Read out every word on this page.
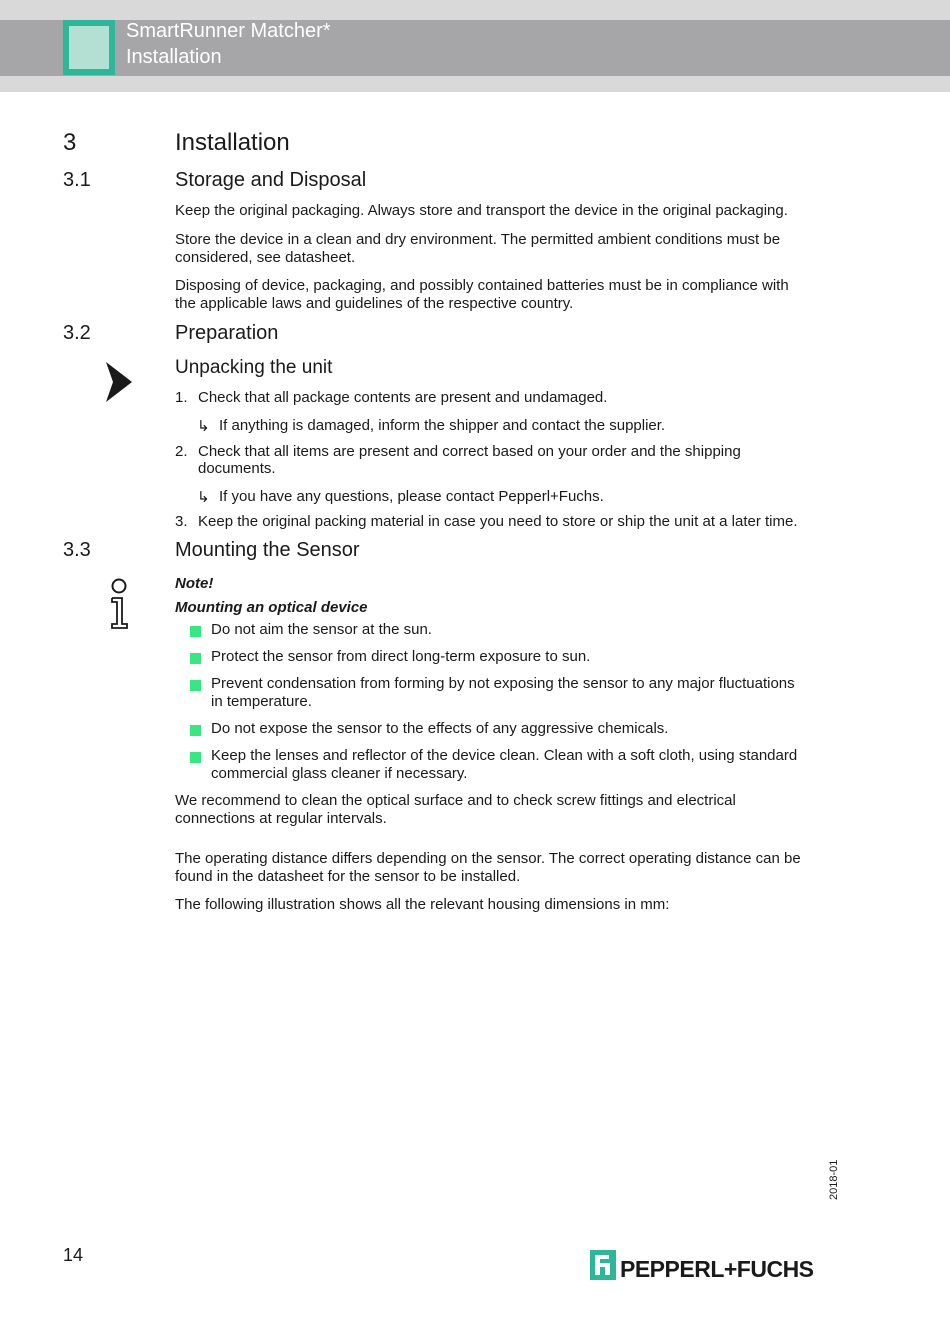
SmartRunner Matcher*
Installation
3	Installation
3.1	Storage and Disposal
Keep the original packaging. Always store and transport the device in the original packaging.
Store the device in a clean and dry environment. The permitted ambient conditions must be
considered, see datasheet.
Disposing of device, packaging, and possibly contained batteries must be in compliance with
the applicable laws and guidelines of the respective country.
3.2	Preparation
Unpacking the unit
1. Check that all package contents are present and undamaged.
↳ If anything is damaged, inform the shipper and contact the supplier.
2. Check that all items are present and correct based on your order and the shipping
documents.
↳ If you have any questions, please contact Pepperl+Fuchs.
3. Keep the original packing material in case you need to store or ship the unit at a later time.
3.3	Mounting the Sensor
Note!
Mounting an optical device
Do not aim the sensor at the sun.
Protect the sensor from direct long-term exposure to sun.
Prevent condensation from forming by not exposing the sensor to any major fluctuations
in temperature.
Do not expose the sensor to the effects of any aggressive chemicals.
Keep the lenses and reflector of the device clean. Clean with a soft cloth, using standard
commercial glass cleaner if necessary.
We recommend to clean the optical surface and to check screw fittings and electrical
connections at regular intervals.
The operating distance differs depending on the sensor. The correct operating distance can be
found in the datasheet for the sensor to be installed.
The following illustration shows all the relevant housing dimensions in mm:
14
2018-01
PEPPERL+FUCHS
